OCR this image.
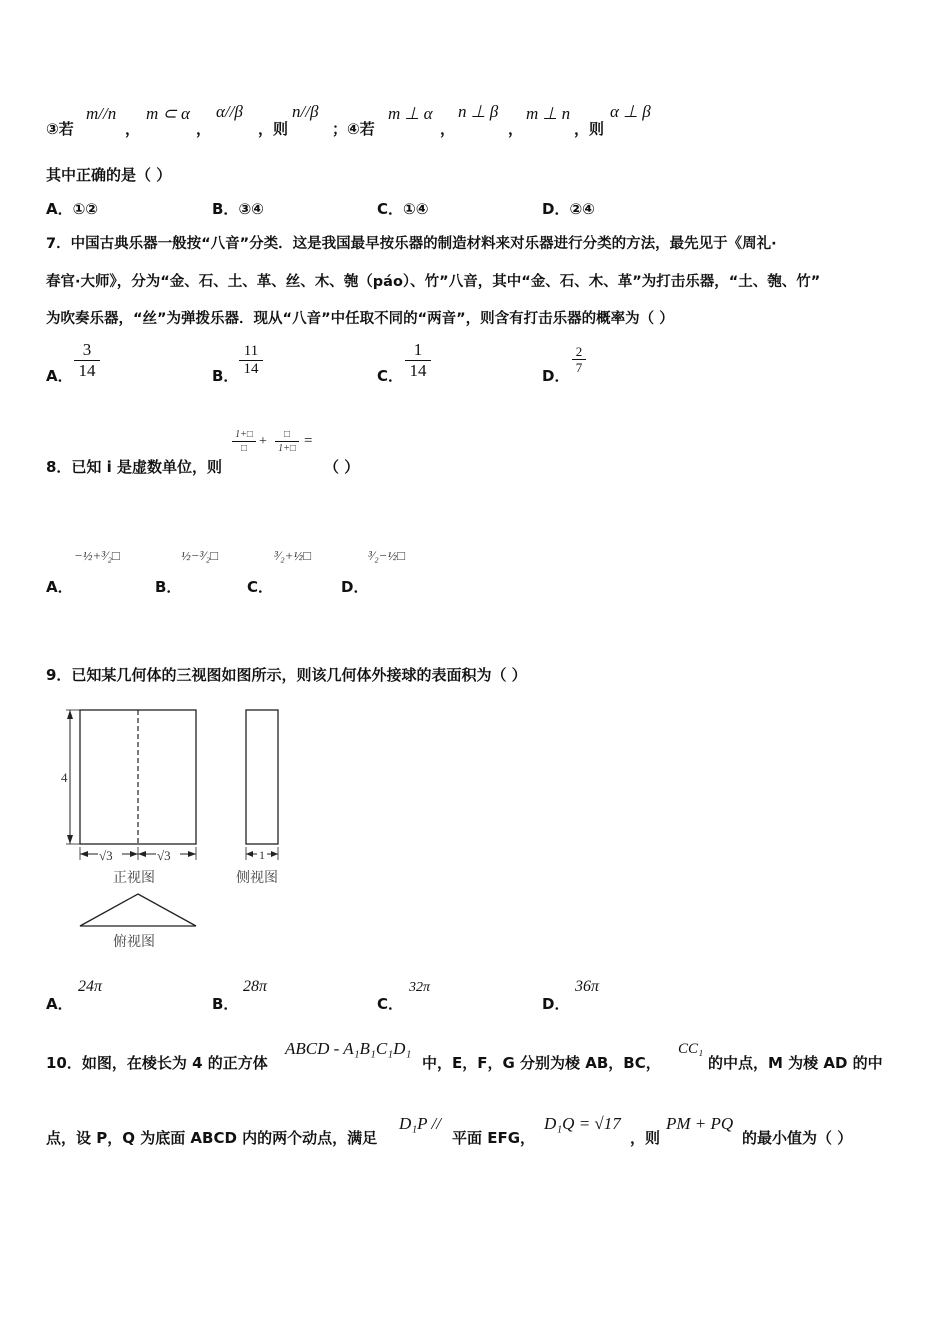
③若
m//n
，
m ⊂ α
，
α//β
，则
n//β
；④若
m ⊥ α
，
n ⊥ β
，
m ⊥ n
，则
α ⊥ β
其中正确的是（ ）
A．①②	B．③④	C．①④	D．②④
7．中国古典乐器一般按“八音”分类．这是我国最早按乐器的制造材料来对乐器进行分类的方法，最先见于《周礼·
春官·大师》，分为“金、石、土、革、丝、木、匏（páo）、竹”八音，其中“金、石、木、革”为打击乐器，“土、匏、竹”
为吹奏乐器，“丝”为弹拨乐器．现从“八音”中任取不同的“两音”，则含有打击乐器的概率为（ ）
A． $\frac{3}{14}$	B． $\frac{11}{14}$	C． $\frac{1}{14}$	D．
$\frac{2}{7}$
8．已知 i 是虚数单位，则
1+□
□ +	□
1+□ =
（ ）
A．
−½+³⁄₂□
B．
½−³⁄₂□
C．
³⁄₂+½□
D．
³⁄₂−½□
9．已知某几何体的三视图如图所示，则该几何体外接球的表面积为（ ）
4
√3	√3	1
正视图	侧视图
俯视图
A．
24π
B．
28π
C．
32π
D．
36π
10．如图，在棱长为 4 的正方体
ABCD - A₁B₁C₁D₁
中，E，F，G 分别为棱 AB，BC，
CC₁
的中点，M 为棱 AD 的中
点，设 P，Q 为底面 ABCD 内的两个动点，满足
D₁P //
平面 EFG，
D₁Q = √17
，则
PM + PQ
的最小值为（ ）
